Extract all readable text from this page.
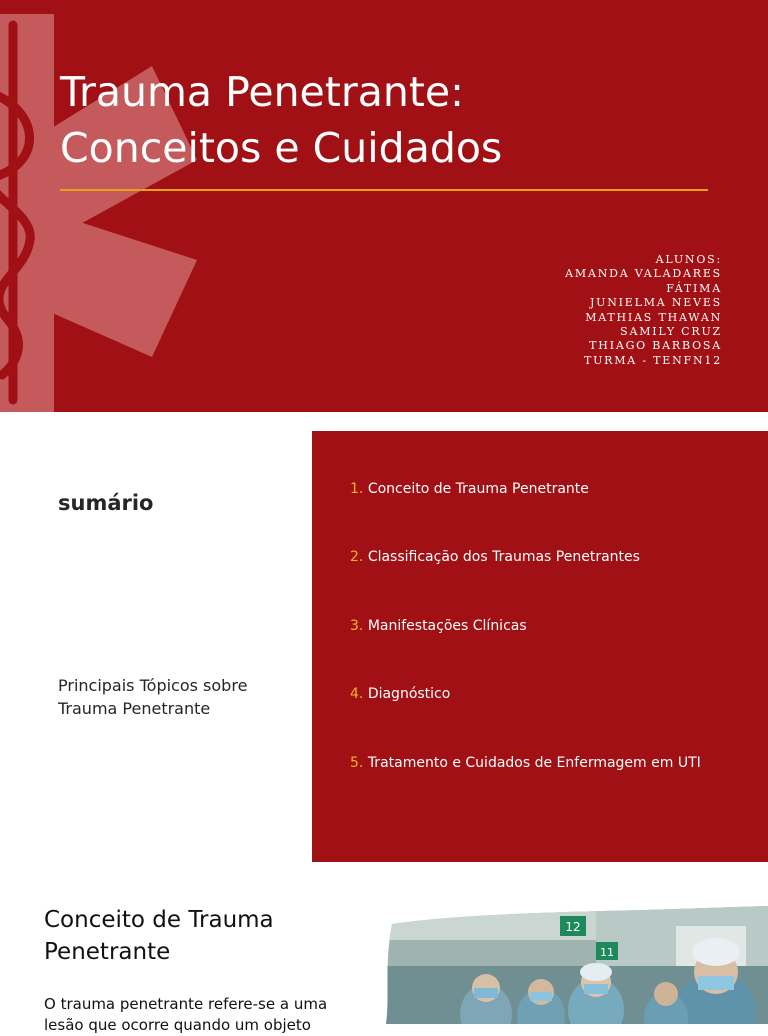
Trauma Penetrante:
Conceitos e Cuidados
ALUNOS:
AMANDA VALADARES
FÁTIMA
JUNIELMA NEVES
MATHIAS THAWAN
SAMILY CRUZ
THIAGO BARBOSA
TURMA - TENFN12
sumário
Principais Tópicos sobre Trauma Penetrante
1. Conceito de Trauma Penetrante
2. Classificação dos Traumas Penetrantes
3. Manifestações Clínicas
4. Diagnóstico
5. Tratamento e Cuidados de Enfermagem em UTI
Conceito de Trauma Penetrante
O trauma penetrante refere-se a uma lesão que ocorre quando um objeto
12
11
